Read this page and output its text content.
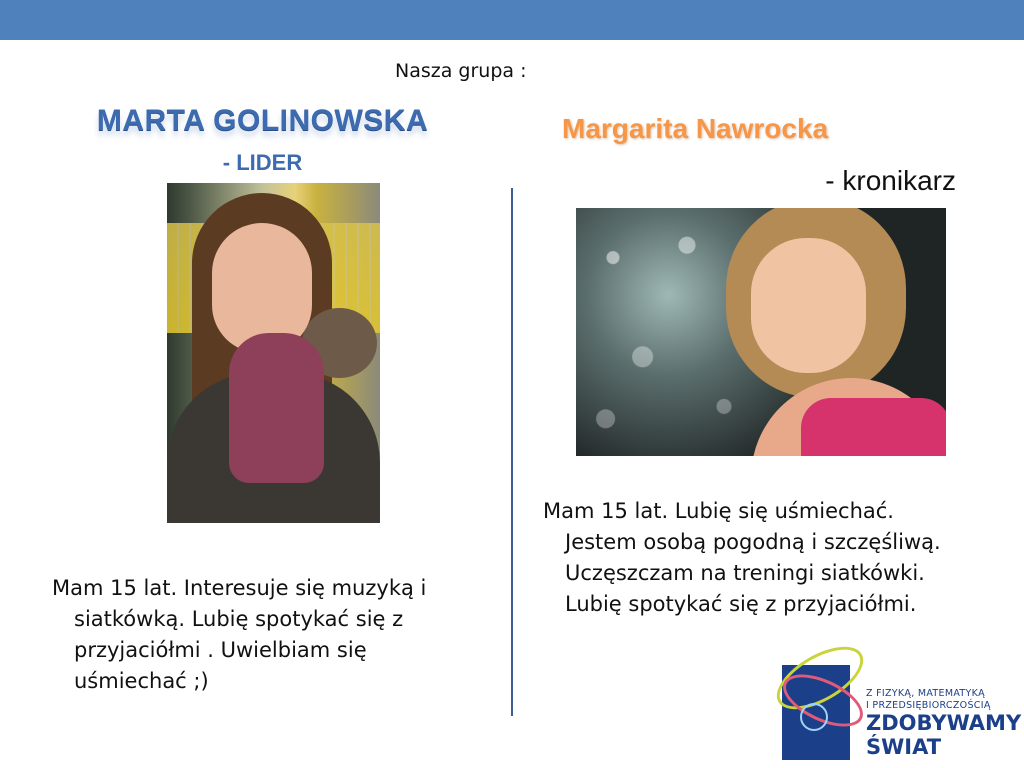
Nasza grupa :
MARTA GOLINOWSKA
- LIDER
Margarita Nawrocka
- kronikarz

Mam 15 lat. Interesuje się muzyką i siatkówką. Lubię spotykać się z przyjaciółmi . Uwielbiam się uśmiechać ;)

Mam 15 lat. Lubię się uśmiechać. Jestem osobą pogodną i szczęśliwą. Uczęszczam na treningi siatkówki. Lubię spotykać się z przyjaciółmi.

Z FIZYKĄ, MATEMATYKĄ
I PRZEDSIĘBIORCZOŚCIĄ
ZDOBYWAMY
ŚWIAT
